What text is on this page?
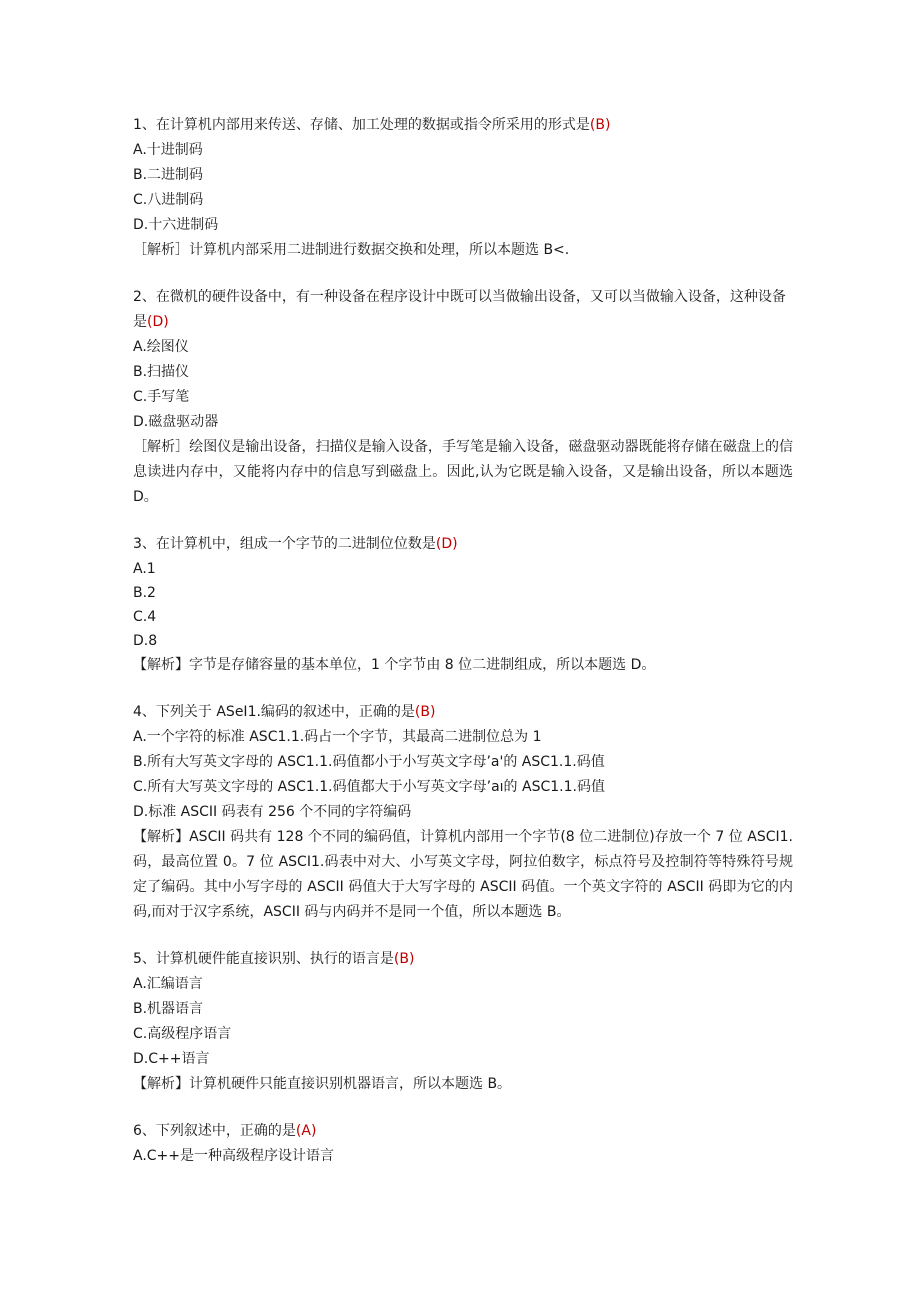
1、在计算机内部用来传送、存储、加工处理的数据或指令所采用的形式是(B)
A.十进制码
B.二进制码
C.八进制码
D.十六进制码
［解析］计算机内部采用二进制进行数据交换和处理，所以本题选 B<.
2、在微机的硬件设备中，有一种设备在程序设计中既可以当做输出设备，又可以当做输入设备，这种设备是(D)
A.绘图仪
B.扫描仪
C.手写笔
D.磁盘驱动器
［解析］绘图仪是输出设备，扫描仪是输入设备，手写笔是输入设备，磁盘驱动器既能将存储在磁盘上的信息读进内存中，又能将内存中的信息写到磁盘上。因此,认为它既是输入设备，又是输出设备，所以本题选 D。
3、在计算机中，组成一个字节的二进制位位数是(D)
A.1
B.2
C.4
D.8
【解析】字节是存储容量的基本单位，1 个字节由 8 位二进制组成，所以本题选 D。
4、下列关于 ASeI1.编码的叙述中，正确的是(B)
A.一个字符的标准 ASC1.1.码占一个字节，其最高二进制位总为 1
B.所有大写英文字母的 ASC1.1.码值都小于小写英文字母’a'的 ASC1.1.码值
C.所有大写英文字母的 ASC1.1.码值都大于小写英文字母’aı的 ASC1.1.码值
D.标准 ASCII 码表有 256 个不同的字符编码
【解析】ASCII 码共有 128 个不同的编码值，计算机内部用一个字节(8 位二进制位)存放一个 7 位 ASCI1.码，最高位置 0。7 位 ASCI1.码表中对大、小写英文字母，阿拉伯数字，标点符号及控制符等特殊符号规定了编码。其中小写字母的 ASCII 码值大于大写字母的 ASCII 码值。一个英文字符的 ASCII 码即为它的内码,而对于汉字系统，ASCII 码与内码并不是同一个值，所以本题选 B。
5、计算机硬件能直接识别、执行的语言是(B)
A.汇编语言
B.机器语言
C.高级程序语言
D.C++语言
【解析】计算机硬件只能直接识别机器语言，所以本题选 B。
6、下列叙述中，正确的是(A)
A.C++是一种高级程序设计语言
